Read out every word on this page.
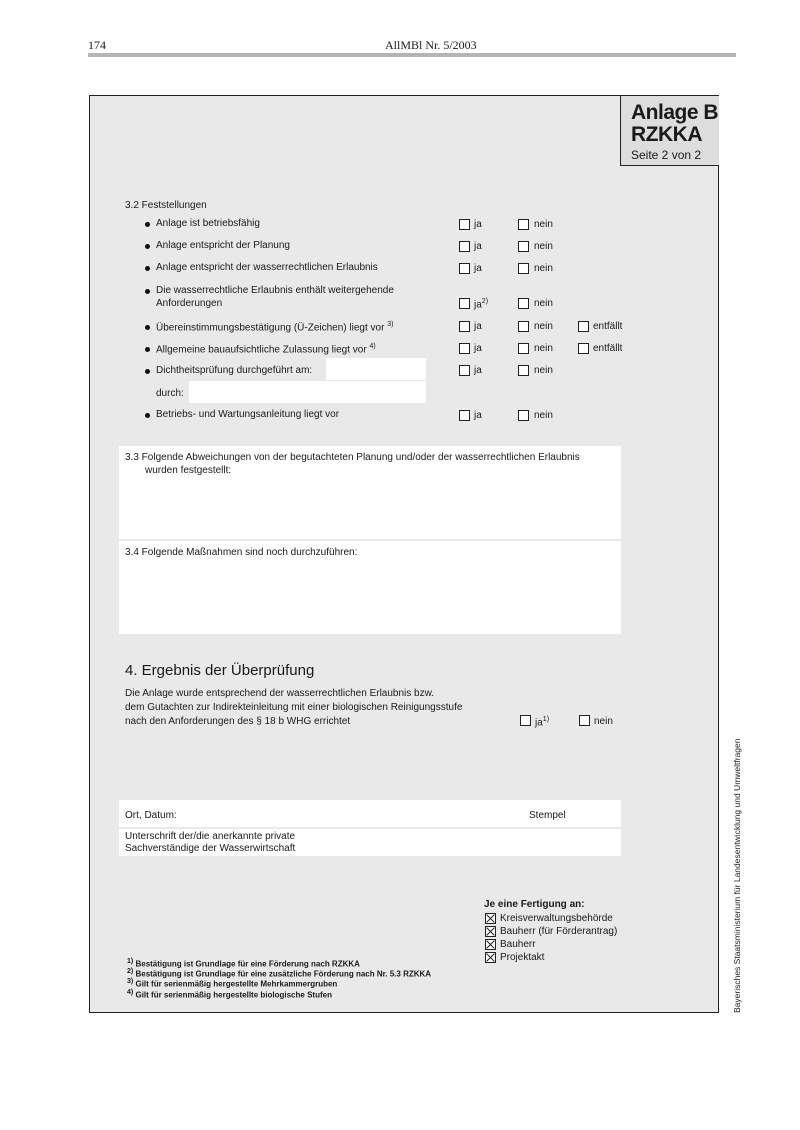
174	AllMBl Nr. 5/2003
Anlage B
RZKKA
Seite 2 von 2
3.2 Feststellungen
Anlage ist betriebsfähig	ja	nein
Anlage entspricht der Planung	ja	nein
Anlage entspricht der wasserrechtlichen Erlaubnis	ja	nein
Die wasserrechtliche Erlaubnis enthält weitergehende
Anforderungen	$ja^{2)}$	nein
Übereinstimmungsbestätigung (Ü-Zeichen) liegt vor $^{3)}$	ja	nein	entfällt
Allgemeine bauaufsichtliche Zulassung liegt vor $^{4)}$	ja	nein	entfällt
Dichtheitsprüfung durchgeführt am:	ja	nein
durch:
Betriebs- und Wartungsanleitung liegt vor	ja	nein
3.3 Folgende Abweichungen von der begutachteten Planung und/oder der wasserrechtlichen Erlaubnis
wurden festgestellt:
3.4 Folgende Maßnahmen sind noch durchzuführen:
4. Ergebnis der Überprüfung
Die Anlage wurde entsprechend der wasserrechtlichen Erlaubnis bzw.
dem Gutachten zur Indirekteinleitung mit einer biologischen Reinigungsstufe
nach den Anforderungen des § 18 b WHG errichtet	$ja^{1)}$	nein
Ort, Datum:	Stempel
Unterschrift der/die anerkannte private
Sachverständige der Wasserwirtschaft
Je eine Fertigung an:
Kreisverwaltungsbehörde
Bauherr (für Förderantrag)
Bauherr
Projektakt
1) Bestätigung ist Grundlage für eine Förderung nach RZKKA
2) Bestätigung ist Grundlage für eine zusätzliche Förderung nach Nr. 5.3 RZKKA
3) Gilt für serienmäßig hergestellte Mehrkammergruben
4) Gilt für serienmäßig hergestellte biologische Stufen	Bayerisches Staatsministerium für Landesentwicklung und Umweltfragen
